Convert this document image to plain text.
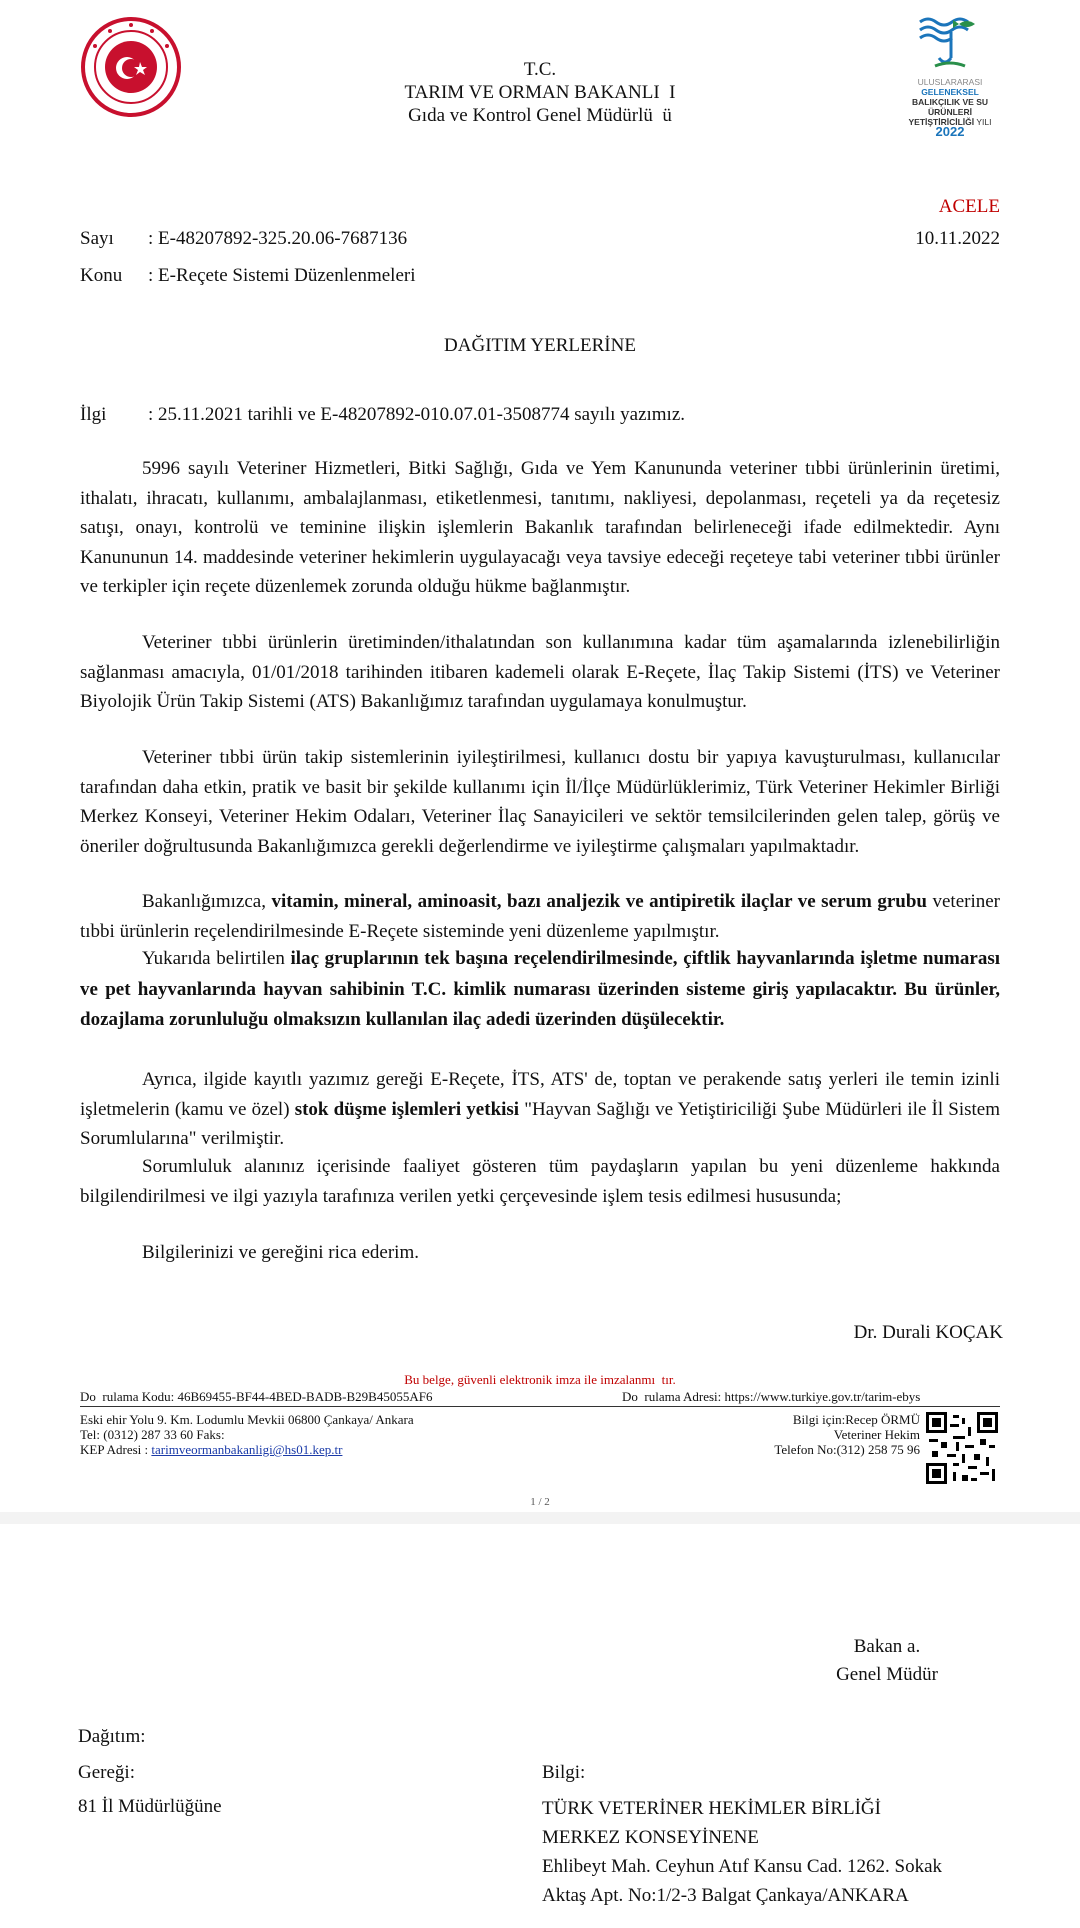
T.C.
TARIM VE ORMAN BAKANLI  I
Gıda ve Kontrol Genel Müdürlü  ü
ULUSLARARASI GELENEKSEL
BALIKÇILIK VE SU ÜRÜNLERİ
YETİŞTİRİCİLİĞİ YILI
2022
ACELE
Sayı : E-48207892-325.20.06-7687136	10.11.2022
Konu : E-Reçete Sistemi Düzenlenmeleri
DAĞITIM YERLERİNE
İlgi : 25.11.2021 tarihli ve E-48207892-010.07.01-3508774 sayılı yazımız.
5996 sayılı Veteriner Hizmetleri, Bitki Sağlığı, Gıda ve Yem Kanununda veteriner tıbbi ürünlerinin üretimi, ithalatı, ihracatı, kullanımı, ambalajlanması, etiketlenmesi, tanıtımı, nakliyesi, depolanması, reçeteli ya da reçetesiz satışı, onayı, kontrolü ve teminine ilişkin işlemlerin Bakanlık tarafından belirleneceği ifade edilmektedir. Aynı Kanununun 14. maddesinde veteriner hekimlerin uygulayacağı veya tavsiye edeceği reçeteye tabi veteriner tıbbi ürünler ve terkipler için reçete düzenlemek zorunda olduğu hükme bağlanmıştır.
Veteriner tıbbi ürünlerin üretiminden/ithalatından son kullanımına kadar tüm aşamalarında izlenebilirliğin sağlanması amacıyla, 01/01/2018 tarihinden itibaren kademeli olarak E-Reçete, İlaç Takip Sistemi (İTS) ve Veteriner Biyolojik Ürün Takip Sistemi (ATS) Bakanlığımız tarafından uygulamaya konulmuştur.
Veteriner tıbbi ürün takip sistemlerinin iyileştirilmesi, kullanıcı dostu bir yapıya kavuşturulması, kullanıcılar tarafından daha etkin, pratik ve basit bir şekilde kullanımı için İl/İlçe Müdürlüklerimiz, Türk Veteriner Hekimler Birliği Merkez Konseyi, Veteriner Hekim Odaları, Veteriner İlaç Sanayicileri ve sektör temsilcilerinden gelen talep, görüş ve öneriler doğrultusunda Bakanlığımızca gerekli değerlendirme ve iyileştirme çalışmaları yapılmaktadır.
Bakanlığımızca, vitamin, mineral, aminoasit, bazı analjezik ve antipiretik ilaçlar ve serum grubu veteriner tıbbi ürünlerin reçelendirilmesinde E-Reçete sisteminde yeni düzenleme yapılmıştır.
Yukarıda belirtilen ilaç gruplarının tek başına reçelendirilmesinde, çiftlik hayvanlarında işletme numarası ve pet hayvanlarında hayvan sahibinin T.C. kimlik numarası üzerinden sisteme giriş yapılacaktır. Bu ürünler, dozajlama zorunluluğu olmaksızın kullanılan ilaç adedi üzerinden düşülecektir.
Ayrıca, ilgide kayıtlı yazımız gereği E-Reçete, İTS, ATS' de, toptan ve perakende satış yerleri ile temin izinli işletmelerin (kamu ve özel) stok düşme işlemleri yetkisi "Hayvan Sağlığı ve Yetiştiriciliği Şube Müdürleri ile İl Sistem Sorumlularına" verilmiştir.
Sorumluluk alanınız içerisinde faaliyet gösteren tüm paydaşların yapılan bu yeni düzenleme hakkında bilgilendirilmesi ve ilgi yazıyla tarafınıza verilen yetki çerçevesinde işlem tesis edilmesi hususunda;
Bilgilerinizi ve gereğini rica ederim.
Dr. Durali KOÇAK
Bu belge, güvenli elektronik imza ile imzalanmı  tır.
Do  rulama Kodu: 46B69455-BF44-4BED-BADB-B29B45055AF6	Do  rulama Adresi: https://www.turkiye.gov.tr/tarim-ebys
Eski ehir Yolu 9. Km. Lodumlu Mevkii 06800 Çankaya/ Ankara
Tel: (0312) 287 33 60 Faks:
KEP Adresi : tarimveormanbakanligi@hs01.kep.tr
Bilgi için:Recep ÖRMÜ
Veteriner Hekim
Telefon No:(312) 258 75 96
1 / 2
Bakan a.
Genel Müdür
Dağıtım:
Gereği:
81 İl Müdürlüğüne
Bilgi:
TÜRK VETERİNER HEKİMLER BİRLİĞİ
MERKEZ KONSEYİNENE
Ehlibeyt Mah. Ceyhun Atıf Kansu Cad. 1262. Sokak
Aktaş Apt. No:1/2-3 Balgat Çankaya/ANKARA
